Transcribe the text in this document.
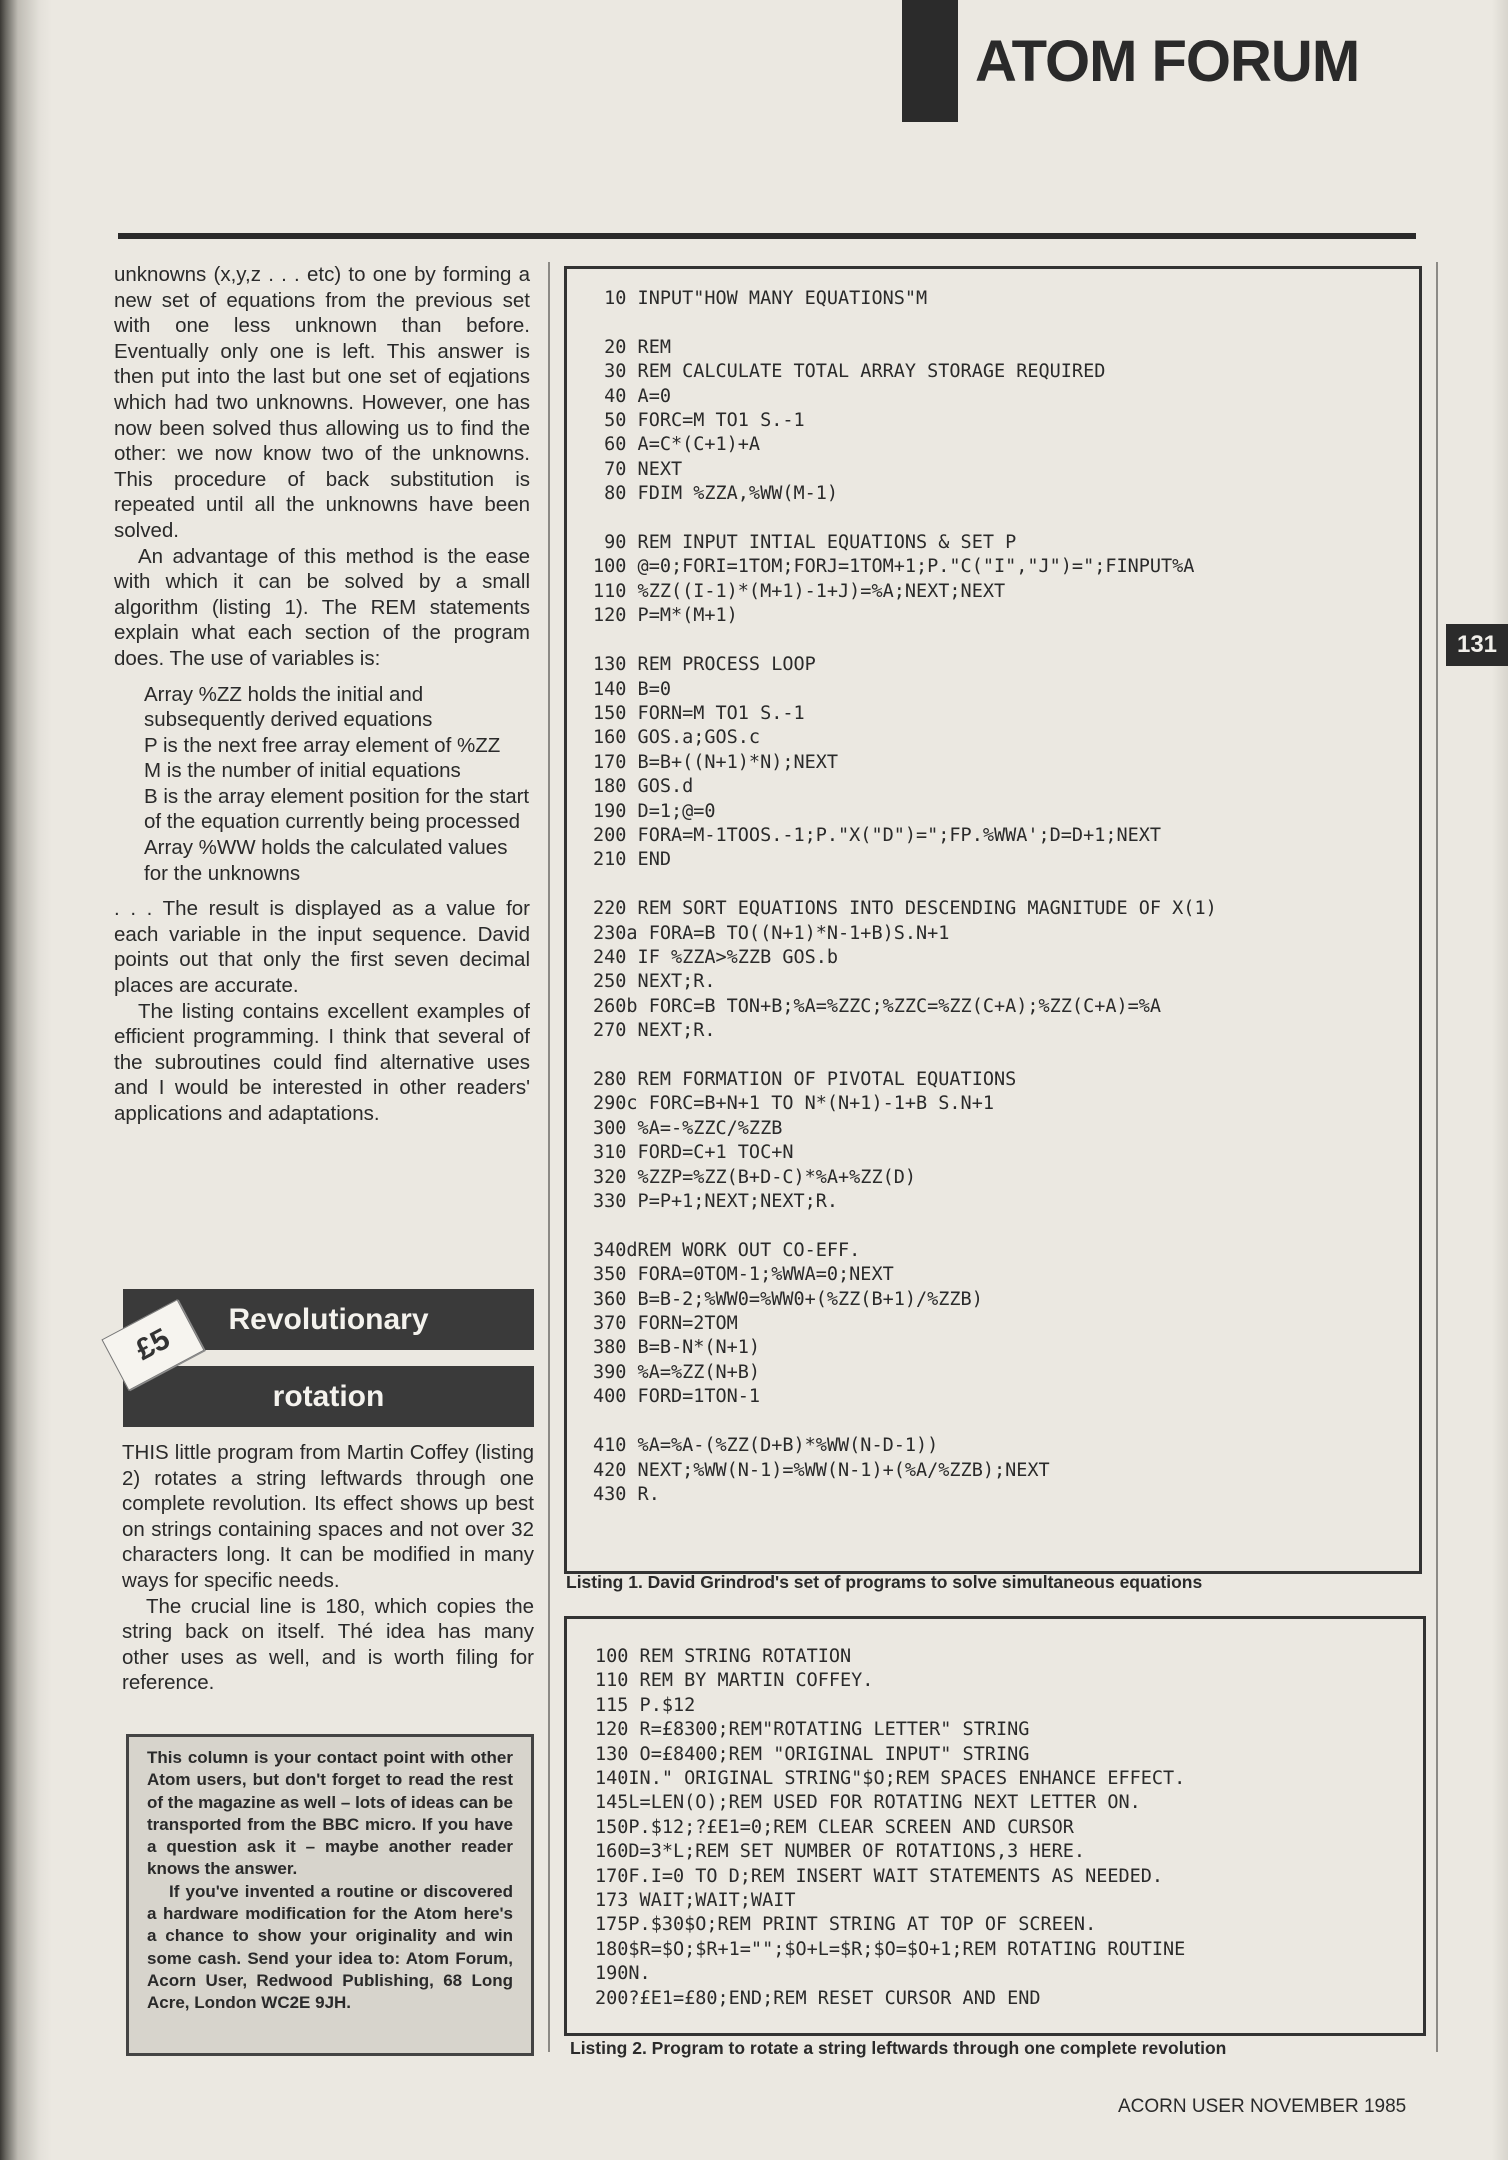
ATOM FORUM
131

unknowns (x,y,z . . . etc) to one by forming a new set of equations from the previous set with one less unknown than before. Eventually only one is left. This answer is then put into the last but one set of eqjations which had two unknowns. However, one has now been solved thus allowing us to find the other: we now know two of the unknowns. This procedure of back substitution is repeated until all the unknowns have been solved.

An advantage of this method is the ease with which it can be solved by a small algorithm (listing 1). The REM statements explain what each section of the program does. The use of variables is:

Array %ZZ holds the initial and subsequently derived equations
P is the next free array element of %ZZ
M is the number of initial equations
B is the array element position for the start of the equation currently being processed
Array %WW holds the calculated values for the unknowns

. . . The result is displayed as a value for each variable in the input sequence. David points out that only the first seven decimal places are accurate.

The listing contains excellent examples of efficient programming. I think that several of the subroutines could find alternative uses and I would be interested in other readers' applications and adaptations.

Revolutionary
rotation
£5

THIS little program from Martin Coffey (listing 2) rotates a string leftwards through one complete revolution. Its effect shows up best on strings containing spaces and not over 32 characters long. It can be modified in many ways for specific needs.

The crucial line is 180, which copies the string back on itself. Thé idea has many other uses as well, and is worth filing for reference.

This column is your contact point with other Atom users, but don't forget to read the rest of the magazine as well – lots of ideas can be transported from the BBC micro. If you have a question ask it – maybe another reader knows the answer.

If you've invented a routine or discovered a hardware modification for the Atom here's a chance to show your originality and win some cash. Send your idea to: Atom Forum, Acorn User, Redwood Publishing, 68 Long Acre, London WC2E 9JH.

10 INPUT"HOW MANY EQUATIONS"M

20 REM
30 REM CALCULATE TOTAL ARRAY STORAGE REQUIRED
40 A=0
50 FORC=M TO1 S.-1
60 A=C*(C+1)+A
70 NEXT
80 FDIM %ZZA,%WW(M-1)

90 REM INPUT INTIAL EQUATIONS & SET P
100 @=0;FORI=1TOM;FORJ=1TOM+1;P."C("I","J")=";FINPUT%A
110 %ZZ((I-1)*(M+1)-1+J)=%A;NEXT;NEXT
120 P=M*(M+1)

130 REM PROCESS LOOP
140 B=0
150 FORN=M TO1 S.-1
160 GOS.a;GOS.c
170 B=B+((N+1)*N);NEXT
180 GOS.d
190 D=1;@=0
200 FORA=M-1TOOS.-1;P."X("D")=";FP.%WWA';D=D+1;NEXT
210 END

220 REM SORT EQUATIONS INTO DESCENDING MAGNITUDE OF X(1)
230a FORA=B TO((N+1)*N-1+B)S.N+1
240 IF %ZZA>%ZZB GOS.b
250 NEXT;R.
260b FORC=B TON+B;%A=%ZZC;%ZZC=%ZZ(C+A);%ZZ(C+A)=%A
270 NEXT;R.

280 REM FORMATION OF PIVOTAL EQUATIONS
290c FORC=B+N+1 TO N*(N+1)-1+B S.N+1
300 %A=-%ZZC/%ZZB
310 FORD=C+1 TOC+N
320 %ZZP=%ZZ(B+D-C)*%A+%ZZ(D)
330 P=P+1;NEXT;NEXT;R.

340dREM WORK OUT CO-EFF.
350 FORA=0TOM-1;%WWA=0;NEXT
360 B=B-2;%WW0=%WW0+(%ZZ(B+1)/%ZZB)
370 FORN=2TOM
380 B=B-N*(N+1)
390 %A=%ZZ(N+B)
400 FORD=1TON-1

410 %A=%A-(%ZZ(D+B)*%WW(N-D-1))
420 NEXT;%WW(N-1)=%WW(N-1)+(%A/%ZZB);NEXT
430 R.
Listing 1. David Grindrod's set of programs to solve simultaneous equations
100 REM STRING ROTATION
110 REM BY MARTIN COFFEY.
115 P.$12
120 R=£8300;REM"ROTATING LETTER" STRING
130 O=£8400;REM "ORIGINAL INPUT" STRING
140IN." ORIGINAL STRING"$O;REM SPACES ENHANCE EFFECT.
145L=LEN(O);REM USED FOR ROTATING NEXT LETTER ON.
150P.$12;?£E1=0;REM CLEAR SCREEN AND CURSOR
160D=3*L;REM SET NUMBER OF ROTATIONS,3 HERE.
170F.I=0 TO D;REM INSERT WAIT STATEMENTS AS NEEDED.
173 WAIT;WAIT;WAIT
175P.$30$O;REM PRINT STRING AT TOP OF SCREEN.
180$R=$O;$R+1="";$O+L=$R;$O=$O+1;REM ROTATING ROUTINE
190N.
200?£E1=£80;END;REM RESET CURSOR AND END
Listing 2. Program to rotate a string leftwards through one complete revolution
ACORN USER NOVEMBER 1985
